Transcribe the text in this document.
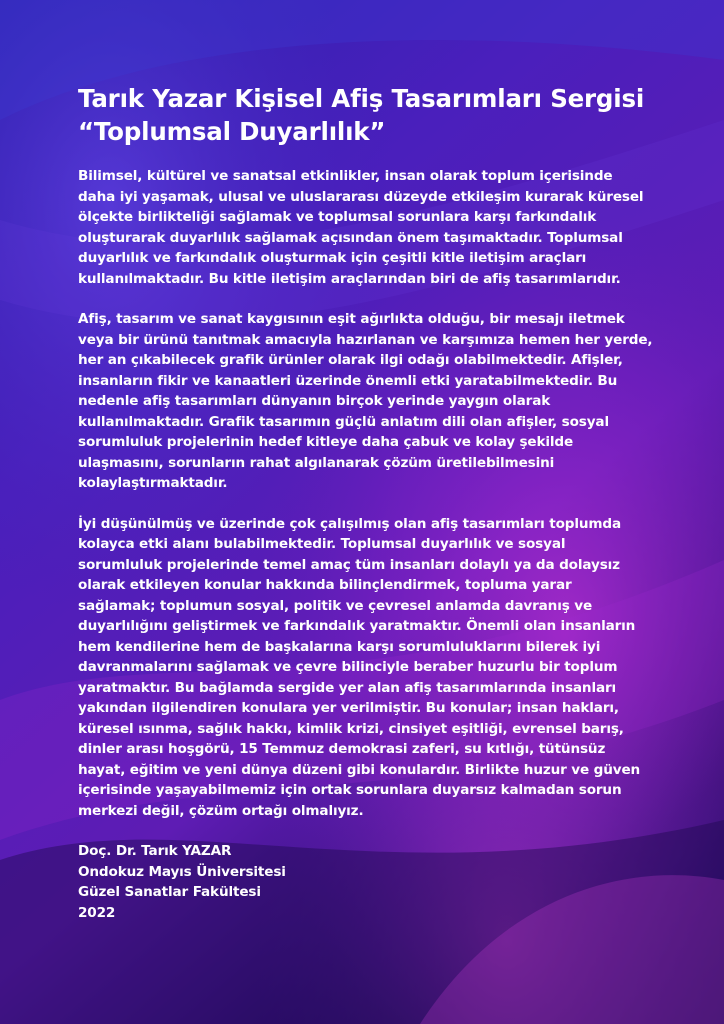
Tarık Yazar Kişisel Afiş Tasarımları Sergisi
“Toplumsal Duyarlılık”

Bilimsel, kültürel ve sanatsal etkinlikler, insan olarak toplum içerisinde
daha iyi yaşamak, ulusal ve uluslararası düzeyde etkileşim kurarak küresel
ölçekte birlikteliği sağlamak ve toplumsal sorunlara karşı farkındalık
oluşturarak duyarlılık sağlamak açısından önem taşımaktadır. Toplumsal
duyarlılık ve farkındalık oluşturmak için çeşitli kitle iletişim araçları
kullanılmaktadır. Bu kitle iletişim araçlarından biri de afiş tasarımlarıdır.

Afiş, tasarım ve sanat kaygısının eşit ağırlıkta olduğu, bir mesajı iletmek
veya bir ürünü tanıtmak amacıyla hazırlanan ve karşımıza hemen her yerde,
her an çıkabilecek grafik ürünler olarak ilgi odağı olabilmektedir. Afişler,
insanların fikir ve kanaatleri üzerinde önemli etki yaratabilmektedir. Bu
nedenle afiş tasarımları dünyanın birçok yerinde yaygın olarak
kullanılmaktadır. Grafik tasarımın güçlü anlatım dili olan afişler, sosyal
sorumluluk projelerinin hedef kitleye daha çabuk ve kolay şekilde
ulaşmasını, sorunların rahat algılanarak çözüm üretilebilmesini
kolaylaştırmaktadır.

İyi düşünülmüş ve üzerinde çok çalışılmış olan afiş tasarımları toplumda
kolayca etki alanı bulabilmektedir. Toplumsal duyarlılık ve sosyal
sorumluluk projelerinde temel amaç tüm insanları dolaylı ya da dolaysız
olarak etkileyen konular hakkında bilinçlendirmek, topluma yarar
sağlamak; toplumun sosyal, politik ve çevresel anlamda davranış ve
duyarlılığını geliştirmek ve farkındalık yaratmaktır. Önemli olan insanların
hem kendilerine hem de başkalarına karşı sorumluluklarını bilerek iyi
davranmalarını sağlamak ve çevre bilinciyle beraber huzurlu bir toplum
yaratmaktır. Bu bağlamda sergide yer alan afiş tasarımlarında insanları
yakından ilgilendiren konulara yer verilmiştir. Bu konular; insan hakları,
küresel ısınma, sağlık hakkı, kimlik krizi, cinsiyet eşitliği, evrensel barış,
dinler arası hoşgörü, 15 Temmuz demokrasi zaferi, su kıtlığı, tütünsüz
hayat, eğitim ve yeni dünya düzeni gibi konulardır. Birlikte huzur ve güven
içerisinde yaşayabilmemiz için ortak sorunlara duyarsız kalmadan sorun
merkezi değil, çözüm ortağı olmalıyız.

Doç. Dr. Tarık YAZAR
Ondokuz Mayıs Üniversitesi
Güzel Sanatlar Fakültesi
2022
